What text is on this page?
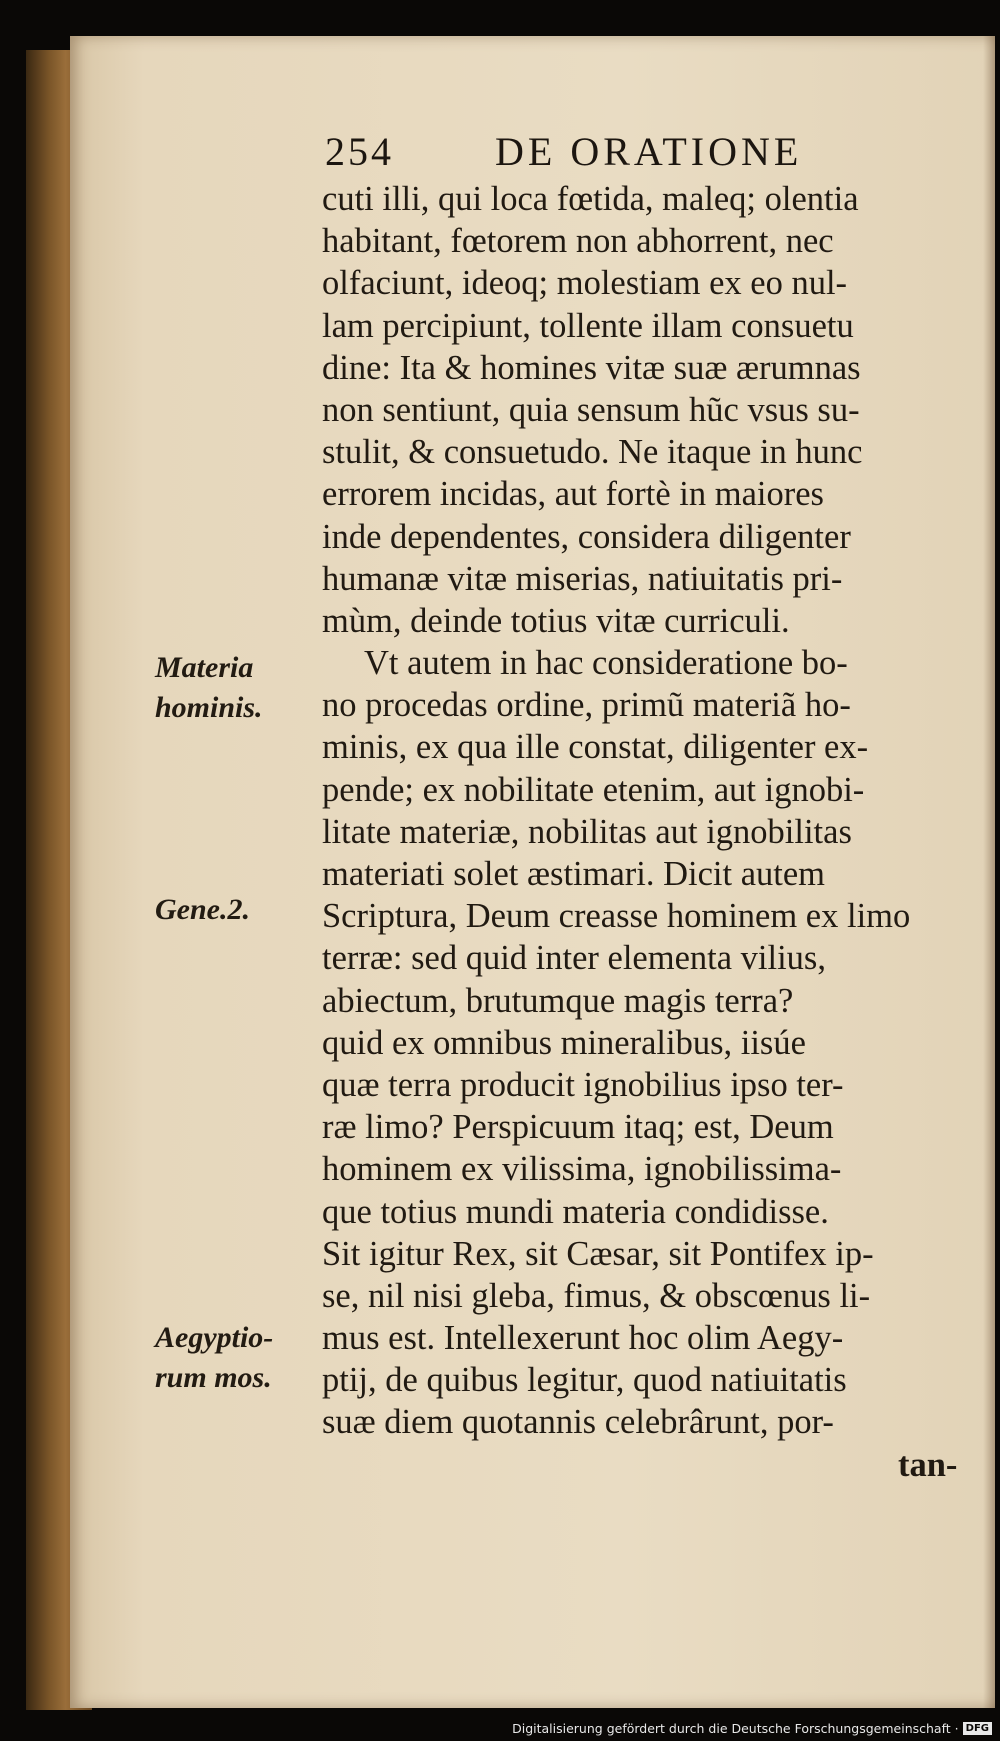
254	DE ORATIONE
cuti illi, qui loca fœtida, maleq; olentia
habitant, fœtorem non abhorrent, nec
olfaciunt, ideoq; molestiam ex eo nul-
lam percipiunt, tollente illam consuetu
dine: Ita & homines vitæ suæ ærumnas
non sentiunt, quia sensum hũc vsus su-
stulit, & consuetudo. Ne itaque in hunc
errorem incidas, aut fortè in maiores
inde dependentes, considera diligenter
humanæ vitæ miserias, natiuitatis pri-
mùm, deinde totius vitæ curriculi.
Vt autem in hac consideratione bo-
no procedas ordine, primũ materiã ho-
minis, ex qua ille constat, diligenter ex-
pende; ex nobilitate etenim, aut ignobi-
litate materiæ, nobilitas aut ignobilitas
materiati solet æstimari. Dicit autem
Scriptura, Deum creasse hominem ex limo
terræ: sed quid inter elementa vilius,
abiectum, brutumque magis terra?
quid ex omnibus mineralibus, iisúe
quæ terra producit ignobilius ipso ter-
ræ limo? Perspicuum itaq; est, Deum
hominem ex vilissima, ignobilissima-
que totius mundi materia condidisse.
Sit igitur Rex, sit Cæsar, sit Pontifex ip-
se, nil nisi gleba, fimus, & obscœnus li-
mus est. Intellexerunt hoc olim Aegy-
ptij, de quibus legitur, quod natiuitatis
suæ diem quotannis celebrârunt, por-
tan-
Materia
hominis.
Gene.2.
Aegyptio-
rum mos.
Digitalisierung gefördert durch die Deutsche Forschungsgemeinschaft · DFG
